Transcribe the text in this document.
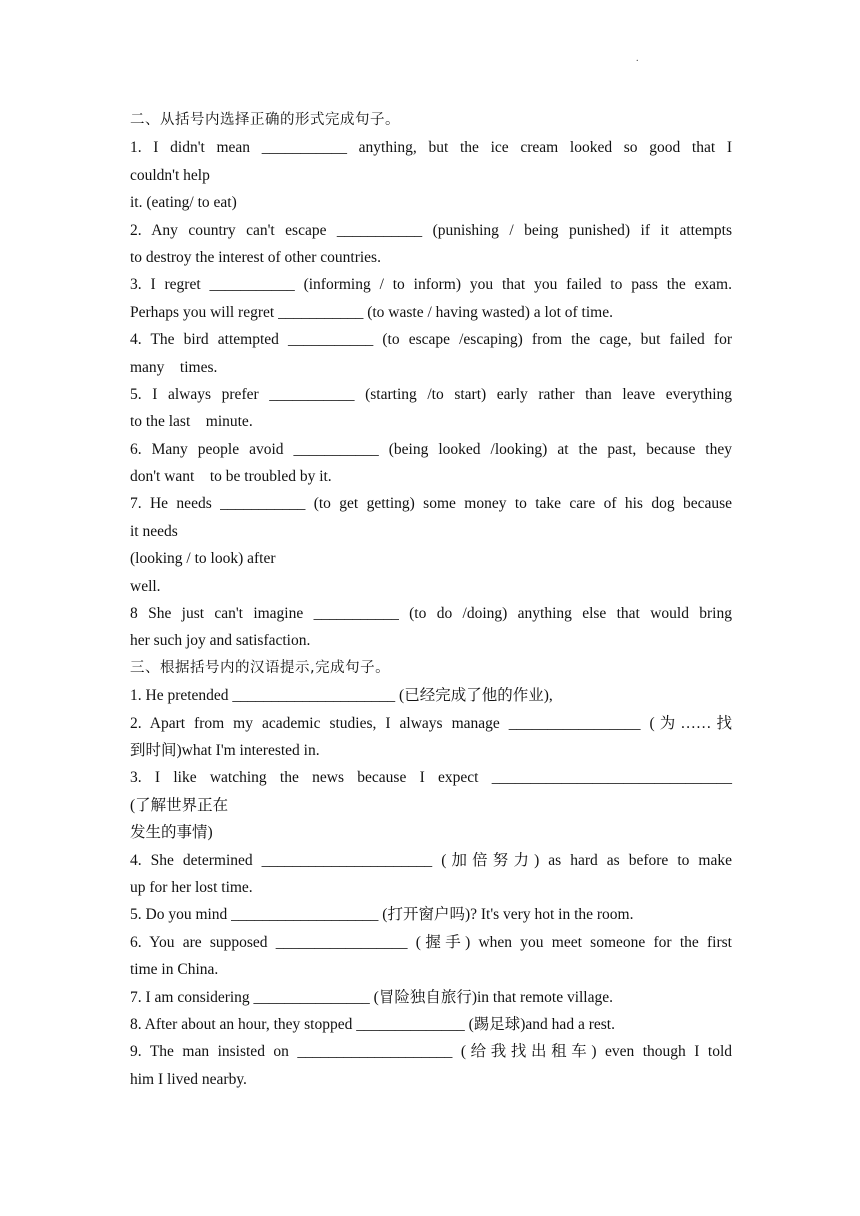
.
二、从括号内选择正确的形式完成句子。
1. I didn't mean ___________ anything, but the ice cream looked so good that I
couldn't help
it. (eating/ to eat)
2. Any country can't escape ___________ (punishing / being punished) if it attempts
to destroy the interest of other countries.
3. I regret ___________ (informing / to inform) you that you failed to pass the exam.
Perhaps you will regret ___________ (to waste / having wasted) a lot of time.
4. The bird attempted ___________ (to escape /escaping) from the cage, but failed for
many    times.
5. I always prefer ___________ (starting /to start) early rather than leave everything
to the last    minute.
6. Many people avoid ___________ (being looked /looking) at the past, because they
don't want    to be troubled by it.
7. He needs ___________ (to get getting) some money to take care of his dog because
it needs
(looking / to look) after
well.
8 She just can't imagine ___________ (to do /doing) anything else that would bring
her such joy and satisfaction.
三、根据括号内的汉语提示,完成句子。
1. He pretended _____________________ (已经完成了他的作业),
2. Apart from my academic studies, I always manage _________________ (为……找
到时间)what I'm interested in.
3. I like watching the news because I expect _______________________________
(了解世界正在
发生的事情)
4. She determined ______________________ (加倍努力) as hard as before to make
up for her lost time.
5. Do you mind ___________________ (打开窗户吗)? It's very hot in the room.
6. You are supposed _________________ (握手) when you meet someone for the first
time in China.
7. I am considering _______________ (冒险独自旅行)in that remote village.
8. After about an hour, they stopped ______________ (踢足球)and had a rest.
9. The man insisted on ____________________ (给我找出租车) even though I told
him I lived nearby.
